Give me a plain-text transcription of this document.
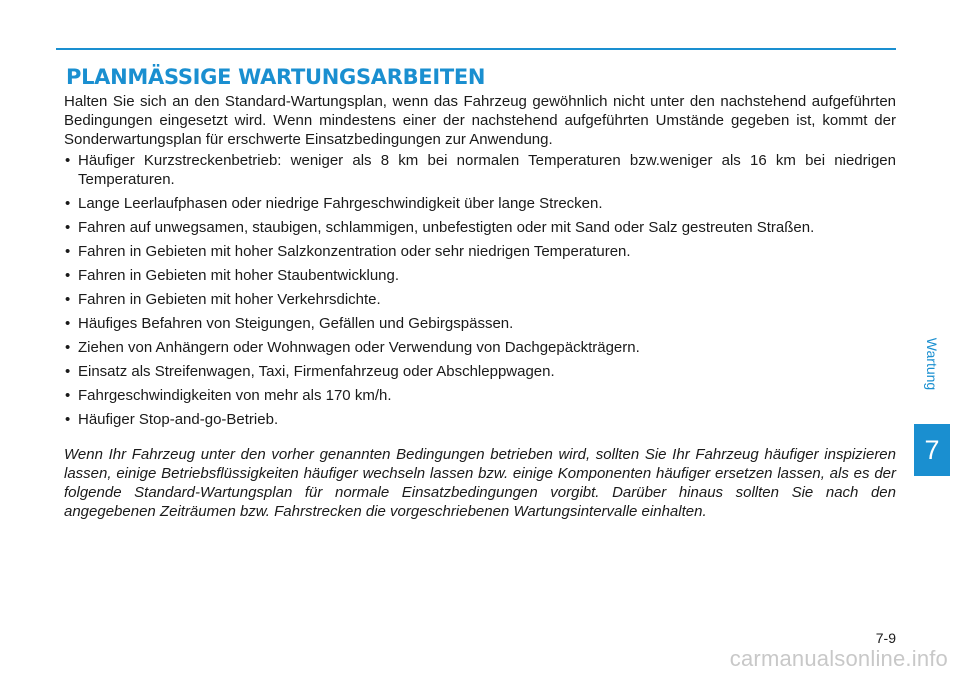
PLANMÄSSIGE WARTUNGSARBEITEN

Halten Sie sich an den Standard-Wartungsplan, wenn das Fahrzeug gewöhnlich nicht unter den nachstehend aufgeführten Bedingungen eingesetzt wird. Wenn mindestens einer der nachstehend aufgeführten Umstände gegeben ist, kommt der Sonderwartungsplan für erschwerte Einsatzbedingungen zur Anwendung.

• Häufiger Kurzstreckenbetrieb: weniger als 8 km bei normalen Temperaturen bzw.weniger als 16 km bei niedrigen Temperaturen.
• Lange Leerlaufphasen oder niedrige Fahrgeschwindigkeit über lange Strecken.
• Fahren auf unwegsamen, staubigen, schlammigen, unbefestigten oder mit Sand oder Salz gestreuten Straßen.
• Fahren in Gebieten mit hoher Salzkonzentration oder sehr niedrigen Temperaturen.
• Fahren in Gebieten mit hoher Staubentwicklung.
• Fahren in Gebieten mit hoher Verkehrsdichte.
• Häufiges Befahren von Steigungen, Gefällen und Gebirgspässen.
• Ziehen von Anhängern oder Wohnwagen oder Verwendung von Dachgepäckträgern.
• Einsatz als Streifenwagen, Taxi, Firmenfahrzeug oder Abschleppwagen.
• Fahrgeschwindigkeiten von mehr als 170 km/h.
• Häufiger Stop-and-go-Betrieb.

Wenn Ihr Fahrzeug unter den vorher genannten Bedingungen betrieben wird, sollten Sie Ihr Fahrzeug häufiger inspizieren lassen, einige Betriebsflüssigkeiten häufiger wechseln lassen bzw. einige Komponenten häufiger ersetzen lassen, als es der folgende Standard-Wartungsplan für normale Einsatzbedingungen vorgibt. Darüber hinaus sollten Sie nach den angegebenen Zeiträumen bzw. Fahrstrecken die vorgeschriebenen Wartungsintervalle einhalten.

Wartung
7
7-9
carmanualsonline.info
